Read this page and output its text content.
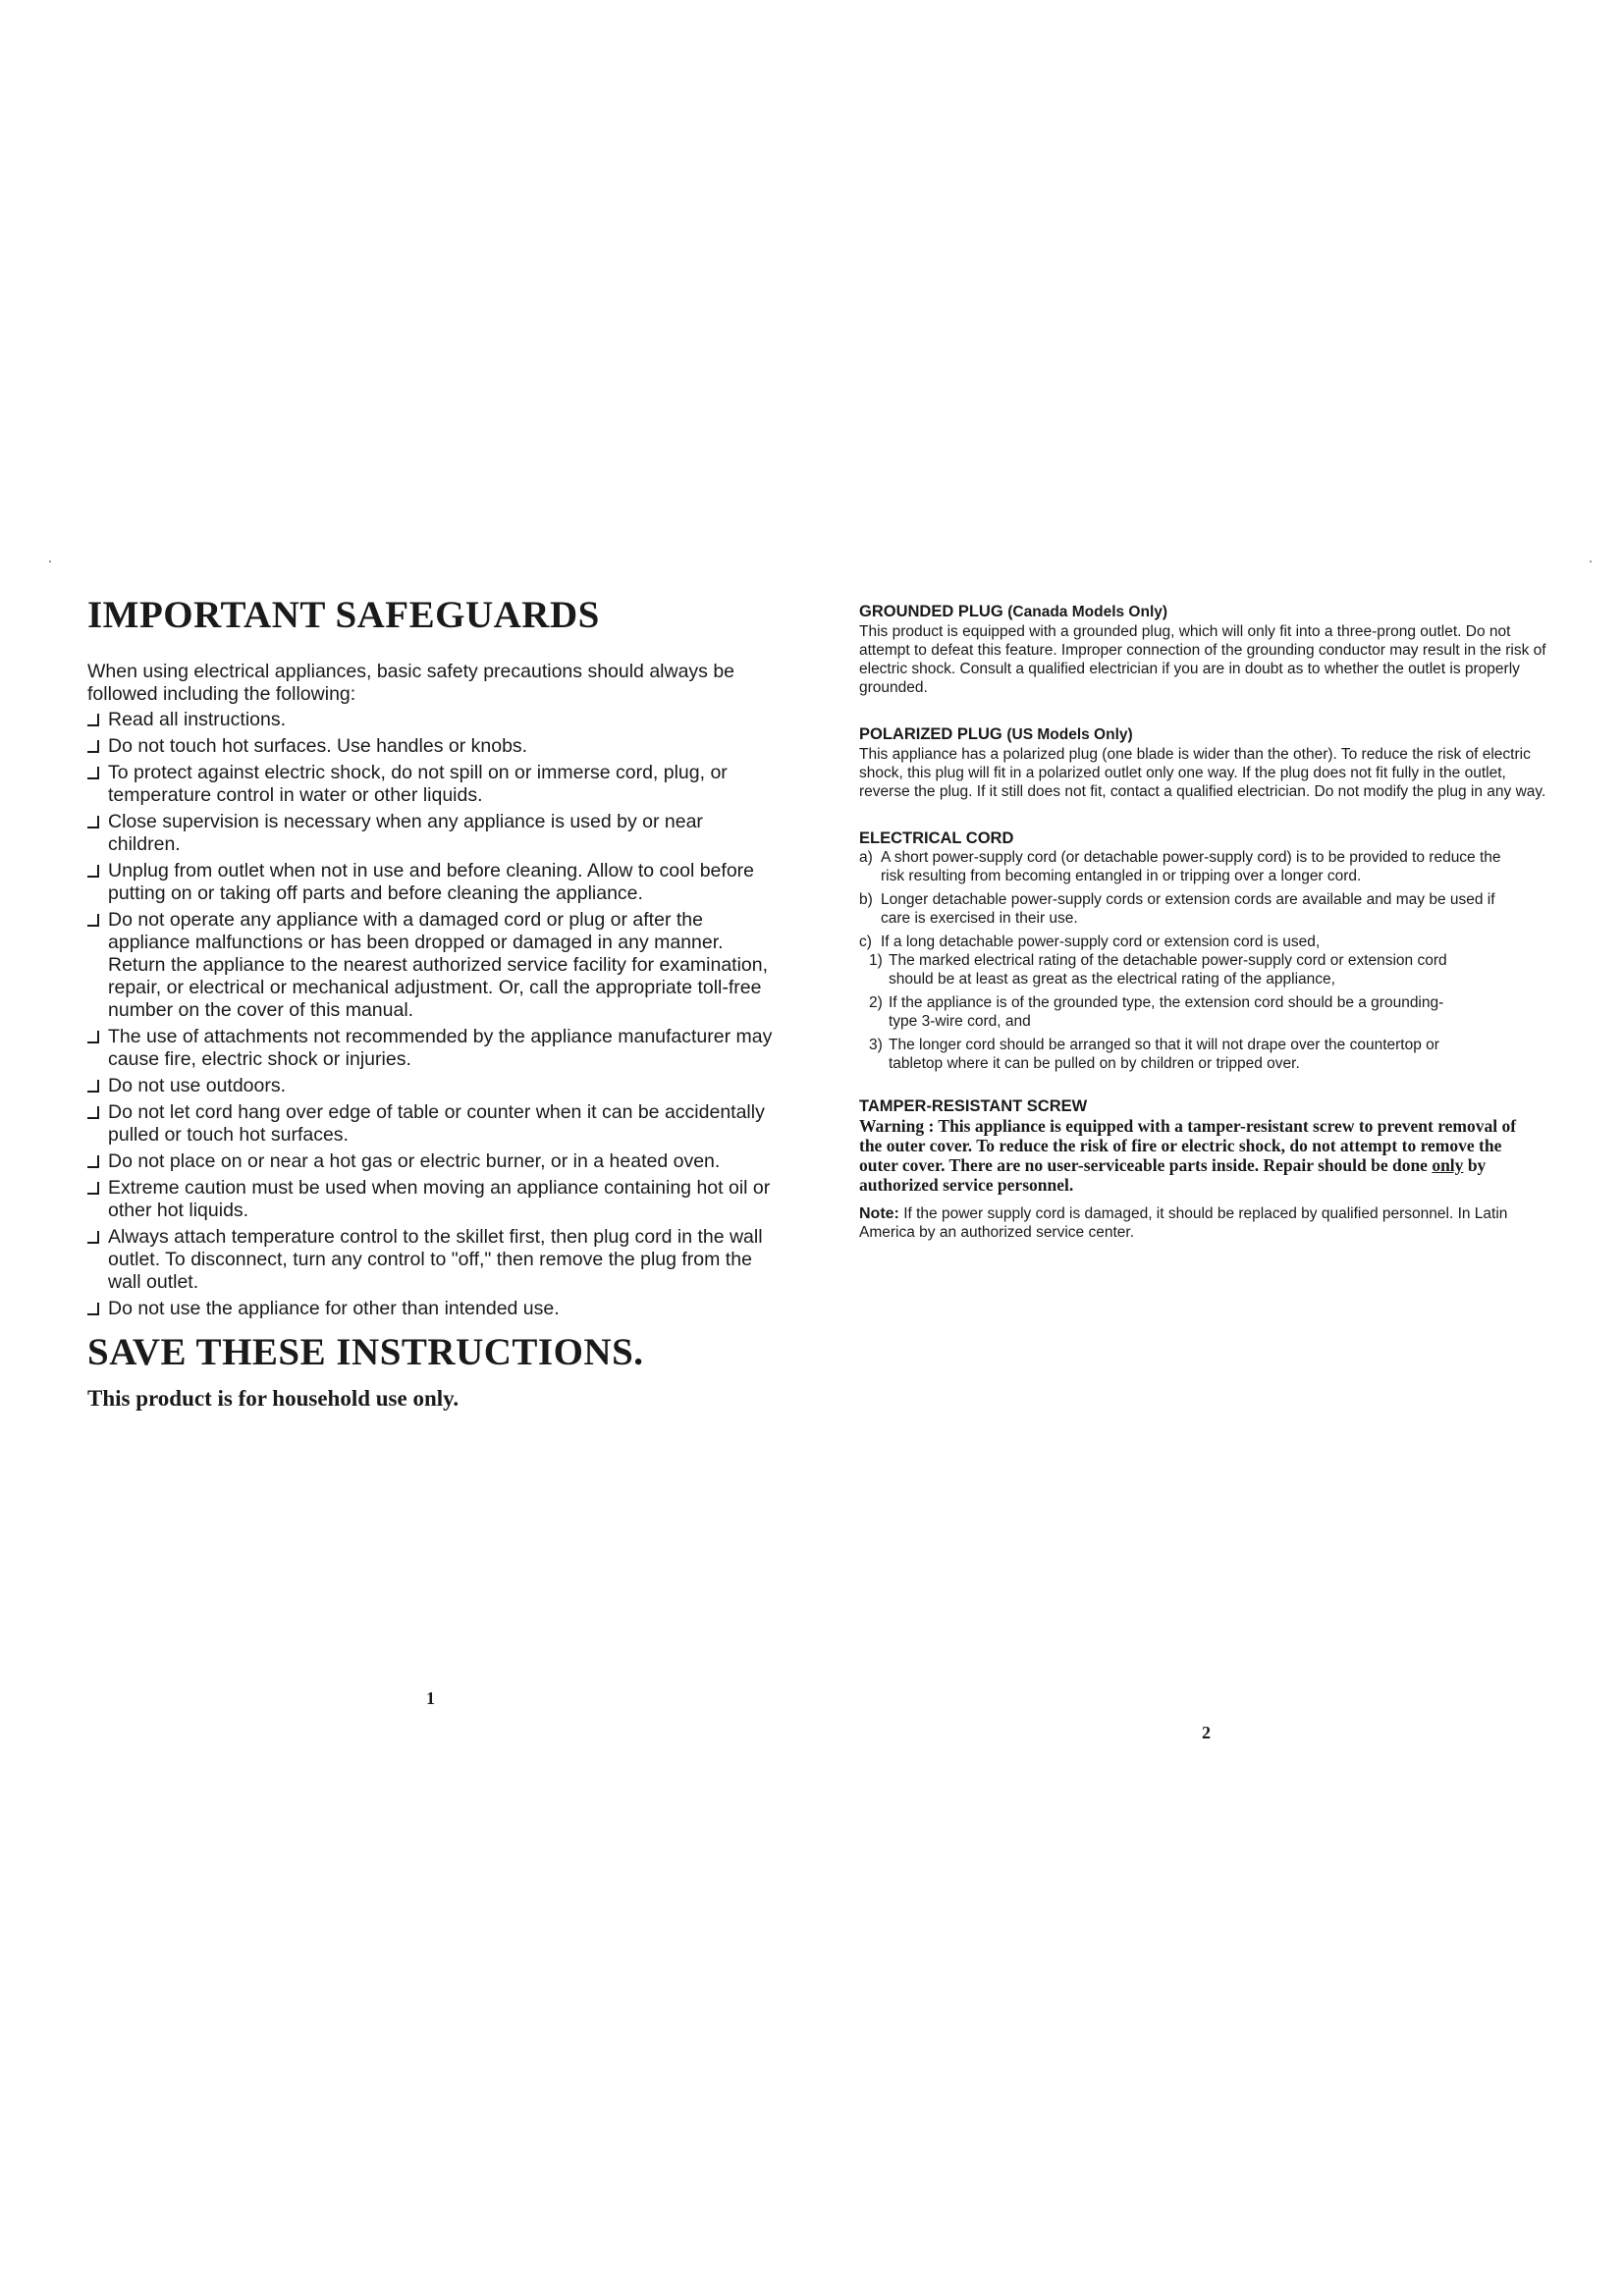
IMPORTANT SAFEGUARDS

When using electrical appliances, basic safety precautions should always be followed including the following:

Read all instructions.
Do not touch hot surfaces. Use handles or knobs.
To protect against electric shock, do not spill on or immerse cord, plug, or temperature control in water or other liquids.
Close supervision is necessary when any appliance is used by or near children.
Unplug from outlet when not in use and before cleaning. Allow to cool before putting on or taking off parts and before cleaning the appliance.
Do not operate any appliance with a damaged cord or plug or after the appliance malfunctions or has been dropped or damaged in any manner. Return the appliance to the nearest authorized service facility for examination, repair, or electrical or mechanical adjustment. Or, call the appropriate toll-free number on the cover of this manual.
The use of attachments not recommended by the appliance manufacturer may cause fire, electric shock or injuries.
Do not use outdoors.
Do not let cord hang over edge of table or counter when it can be accidentally pulled or touch hot surfaces.
Do not place on or near a hot gas or electric burner, or in a heated oven.
Extreme caution must be used when moving an appliance containing hot oil or other hot liquids.
Always attach temperature control to the skillet first, then plug cord in the wall outlet. To disconnect, turn any control to "off," then remove the plug from the wall outlet.
Do not use the appliance for other than intended use.
SAVE THESE INSTRUCTIONS.

This product is for household use only.

1

GROUNDED PLUG (Canada Models Only)

This product is equipped with a grounded plug, which will only fit into a three-prong outlet. Do not attempt to defeat this feature. Improper connection of the grounding conductor may result in the risk of electric shock. Consult a qualified electrician if you are in doubt as to whether the outlet is properly grounded.

POLARIZED PLUG (US Models Only)

This appliance has a polarized plug (one blade is wider than the other). To reduce the risk of electric shock, this plug will fit in a polarized outlet only one way. If the plug does not fit fully in the outlet, reverse the plug. If it still does not fit, contact a qualified electrician. Do not modify the plug in any way.

ELECTRICAL CORD

a) A short power-supply cord (or detachable power-supply cord) is to be provided to reduce the risk resulting from becoming entangled in or tripping over a longer cord.
b) Longer detachable power-supply cords or extension cords are available and may be used if care is exercised in their use.
c) If a long detachable power-supply cord or extension cord is used,
1) The marked electrical rating of the detachable power-supply cord or extension cord should be at least as great as the electrical rating of the appliance,
2) If the appliance is of the grounded type, the extension cord should be a grounding-type 3-wire cord, and
3) The longer cord should be arranged so that it will not drape over the countertop or tabletop where it can be pulled on by children or tripped over.

TAMPER-RESISTANT SCREW

Warning : This appliance is equipped with a tamper-resistant screw to prevent removal of the outer cover. To reduce the risk of fire or electric shock, do not attempt to remove the outer cover. There are no user-serviceable parts inside. Repair should be done only by authorized service personnel.

Note: If the power supply cord is damaged, it should be replaced by qualified personnel. In Latin America by an authorized service center.

2
